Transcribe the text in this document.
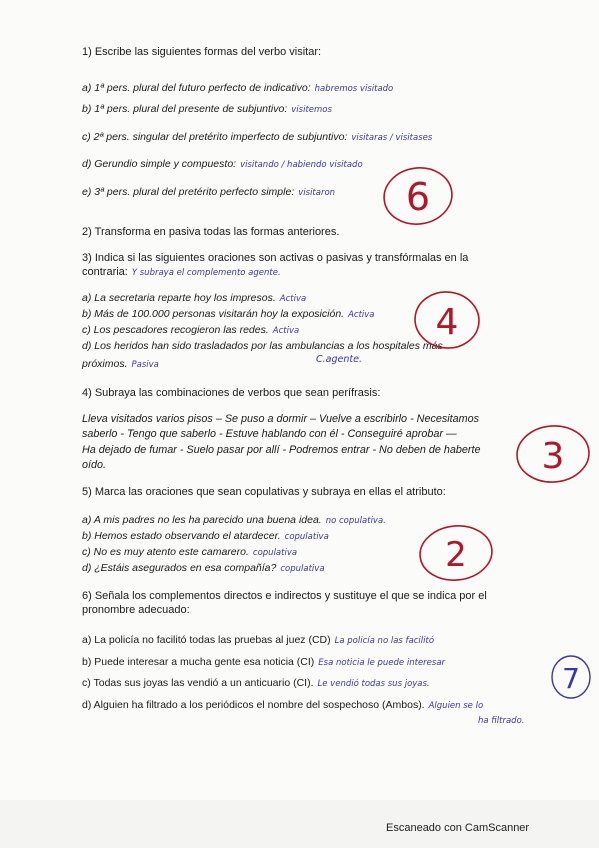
1) Escribe las siguientes formas del verbo visitar:
a) 1ª pers. plural del futuro perfecto de indicativo: habremos visitado
b) 1ª pers. plural del presente de subjuntivo: visitemos
c) 2ª pers. singular del pretérito imperfecto de subjuntivo: visitaras / visitases
d) Gerundio simple y compuesto: visitando / habiendo visitado
e) 3ª pers. plural del pretérito perfecto simple: visitaron 6
2) Transforma en pasiva todas las formas anteriores.
3) Indica si las siguientes oraciones son activas o pasivas y transfórmalas en la
contraria: Y subraya el complemento agente.
a) La secretaria reparte hoy los impresos. Activa
b) Más de 100.000 personas visitarán hoy la exposición. Activa
c) Los pescadores recogieron las redes. Activa
d) Los heridos han sido trasladados por las ambulancias a los hospitales más
C.agente.
próximos. Pasiva
4
4) Subraya las combinaciones de verbos que sean perífrasis:
Lleva visitados varios pisos – Se puso a dormir – Vuelve a escribirlo - Necesitamos
saberlo - Tengo que saberlo - Estuve hablando con él - Conseguiré aprobar —
Ha dejado de fumar - Suelo pasar por allí - Podremos entrar - No deben de haberte
oído.	3
5) Marca las oraciones que sean copulativas y subraya en ellas el atributo:
a) A mis padres no les ha parecido una buena idea. no copulativa.
b) Hemos estado observando el atardecer. copulativa
c) No es muy atento este camarero. copulativa
d) ¿Estáis asegurados en esa compañía? copulativa	2
6) Señala los complementos directos e indirectos y sustituye el que se indica por el
pronombre adecuado:
a) La policía no facilitó todas las pruebas al juez (CD) La policía no las facilitó
b) Puede interesar a mucha gente esa noticia (CI) Esa noticia le puede interesar
c) Todas sus joyas las vendió a un anticuario (CI). Le vendió todas sus joyas.
d) Alguien ha filtrado a los periódicos el nombre del sospechoso (Ambos). Alguien se lo
ha filtrado.
7
Escaneado con CamScanner
